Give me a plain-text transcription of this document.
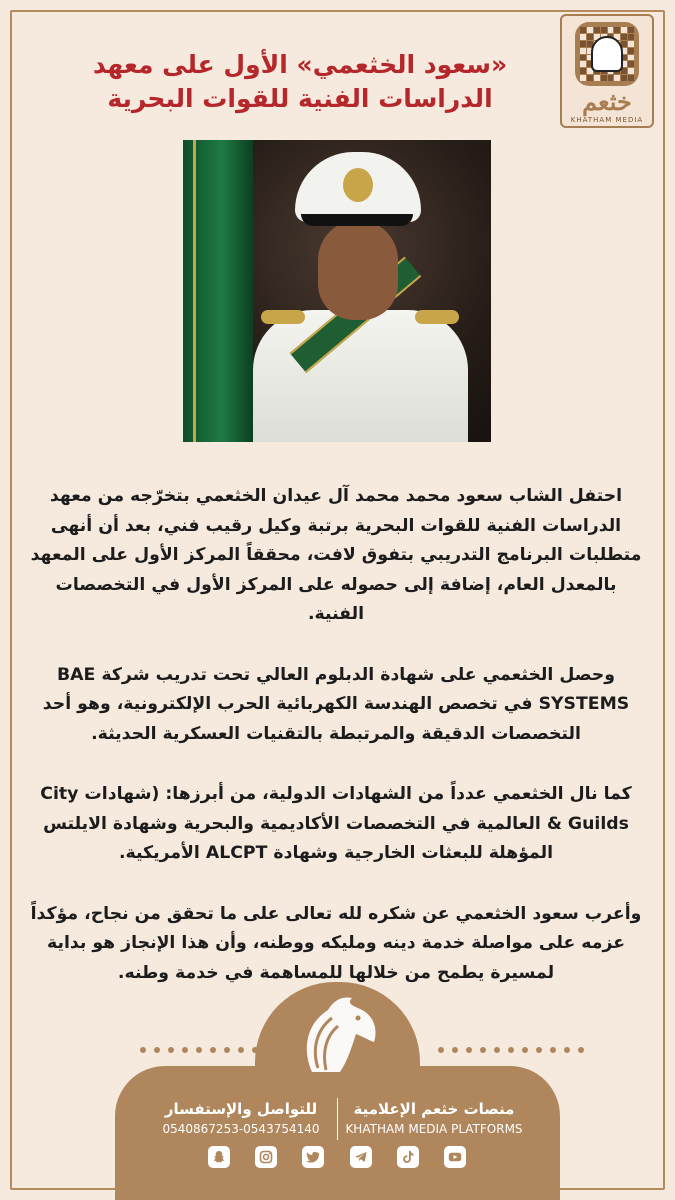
خثعم
KHATHAM MEDIA
«سعود الخثعمي» الأول على معهد الدراسات الفنية للقوات البحرية

احتفل الشاب سعود محمد محمد آل عيدان الخثعمي بتخرّجه من معهد الدراسات الفنية للقوات البحرية برتبة وكيل رقيب فني، بعد أن أنهى متطلبات البرنامج التدريبي بتفوق لافت، محققاً المركز الأول على المعهد بالمعدل العام، إضافة إلى حصوله على المركز الأول في التخصصات الفنية.

وحصل الخثعمي على شهادة الدبلوم العالي تحت تدريب شركة BAE SYSTEMS في تخصص الهندسة الكهربائية الحرب الإلكترونية، وهو أحد التخصصات الدقيقة والمرتبطة بالتقنيات العسكرية الحديثة.

كما نال الخثعمي عدداً من الشهادات الدولية، من أبرزها: (شهادات City & Guilds العالمية في التخصصات الأكاديمية والبحرية وشهادة الايلتس المؤهلة للبعثات الخارجية وشهادة ALCPT الأمريكية.

وأعرب سعود الخثعمي عن شكره لله تعالى على ما تحقق من نجاح، مؤكداً عزمه على مواصلة خدمة دينه ومليكه ووطنه، وأن هذا الإنجاز هو بداية لمسيرة يطمح من خلالها للمساهمة في خدمة وطنه.

منصات خثعم الإعلامية
KHATHAM MEDIA PLATFORMS
للتواصل والإستفسار
0540867253-0543754140
